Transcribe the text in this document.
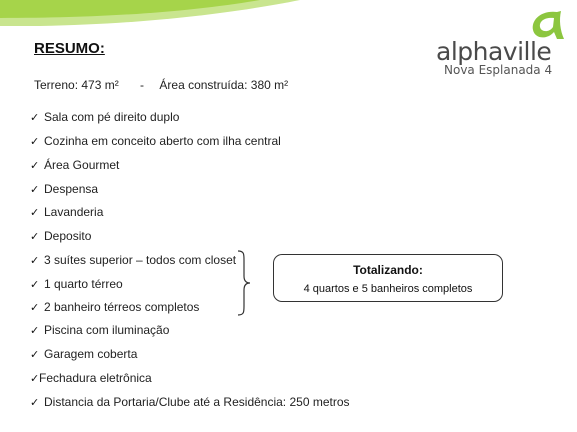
alphaville
Nova Esplanada 4
RESUMO:
Terreno: 473 m² - Área construída: 380 m²
✓ Sala com pé direito duplo
✓ Cozinha em conceito aberto com ilha central
✓ Área Gourmet
✓ Despensa
✓ Lavanderia
✓ Deposito
✓ 3 suítes superior – todos com closet
✓ 1 quarto térreo
✓ 2 banheiro térreos completos
✓ Piscina com iluminação
✓ Garagem coberta
✓ Fechadura eletrônica
✓ Distancia da Portaria/Clube até a Residência: 250 metros
Totalizando:
4 quartos e 5 banheiros completos
